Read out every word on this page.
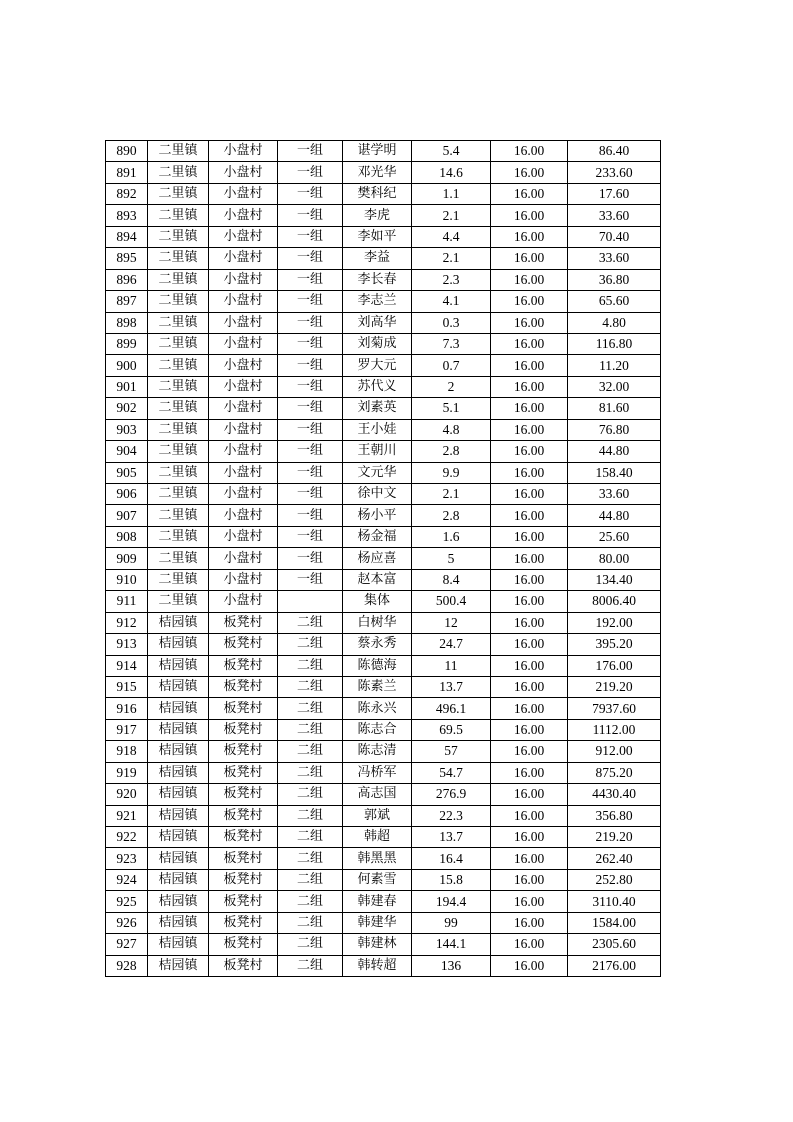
890	二里镇	小盘村	一组	谌学明	5.4	16.00	86.40
891	二里镇	小盘村	一组	邓光华	14.6	16.00	233.60
892	二里镇	小盘村	一组	樊科纪	1.1	16.00	17.60
893	二里镇	小盘村	一组	李虎	2.1	16.00	33.60
894	二里镇	小盘村	一组	李如平	4.4	16.00	70.40
895	二里镇	小盘村	一组	李益	2.1	16.00	33.60
896	二里镇	小盘村	一组	李长春	2.3	16.00	36.80
897	二里镇	小盘村	一组	李志兰	4.1	16.00	65.60
898	二里镇	小盘村	一组	刘高华	0.3	16.00	4.80
899	二里镇	小盘村	一组	刘菊成	7.3	16.00	116.80
900	二里镇	小盘村	一组	罗大元	0.7	16.00	11.20
901	二里镇	小盘村	一组	苏代义	2	16.00	32.00
902	二里镇	小盘村	一组	刘素英	5.1	16.00	81.60
903	二里镇	小盘村	一组	王小娃	4.8	16.00	76.80
904	二里镇	小盘村	一组	王朝川	2.8	16.00	44.80
905	二里镇	小盘村	一组	文元华	9.9	16.00	158.40
906	二里镇	小盘村	一组	徐中文	2.1	16.00	33.60
907	二里镇	小盘村	一组	杨小平	2.8	16.00	44.80
908	二里镇	小盘村	一组	杨金福	1.6	16.00	25.60
909	二里镇	小盘村	一组	杨应喜	5	16.00	80.00
910	二里镇	小盘村	一组	赵本富	8.4	16.00	134.40
911	二里镇	小盘村		集体	500.4	16.00	8006.40
912	桔园镇	板凳村	二组	白树华	12	16.00	192.00
913	桔园镇	板凳村	二组	蔡永秀	24.7	16.00	395.20
914	桔园镇	板凳村	二组	陈德海	11	16.00	176.00
915	桔园镇	板凳村	二组	陈素兰	13.7	16.00	219.20
916	桔园镇	板凳村	二组	陈永兴	496.1	16.00	7937.60
917	桔园镇	板凳村	二组	陈志合	69.5	16.00	1112.00
918	桔园镇	板凳村	二组	陈志清	57	16.00	912.00
919	桔园镇	板凳村	二组	冯桥军	54.7	16.00	875.20
920	桔园镇	板凳村	二组	高志国	276.9	16.00	4430.40
921	桔园镇	板凳村	二组	郭斌	22.3	16.00	356.80
922	桔园镇	板凳村	二组	韩超	13.7	16.00	219.20
923	桔园镇	板凳村	二组	韩黑黑	16.4	16.00	262.40
924	桔园镇	板凳村	二组	何素雪	15.8	16.00	252.80
925	桔园镇	板凳村	二组	韩建春	194.4	16.00	3110.40
926	桔园镇	板凳村	二组	韩建华	99	16.00	1584.00
927	桔园镇	板凳村	二组	韩建林	144.1	16.00	2305.60
928	桔园镇	板凳村	二组	韩转超	136	16.00	2176.00
